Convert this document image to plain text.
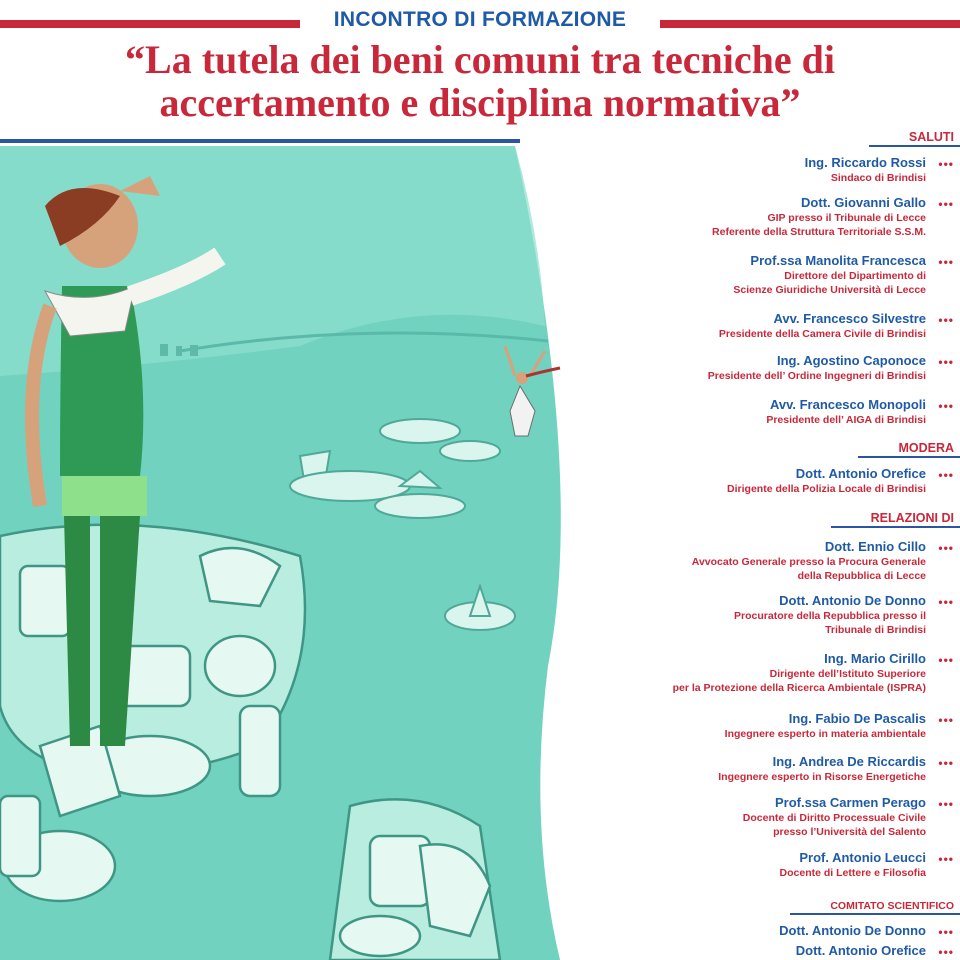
INCONTRO DI FORMAZIONE
“La tutela dei beni comuni tra tecniche di
accertamento e disciplina normativa”
SALUTI
Ing. Riccardo Rossi
Sindaco di Brindisi
•••
Dott. Giovanni Gallo
GIP presso il Tribunale di Lecce
Referente della Struttura Territoriale S.S.M.
•••
Prof.ssa Manolita Francesca
Direttore del Dipartimento di
Scienze Giuridiche Università di Lecce
•••
Avv. Francesco Silvestre
Presidente della Camera Civile di Brindisi
•••
Ing. Agostino Caponoce
Presidente dell’ Ordine Ingegneri di Brindisi
•••
Avv. Francesco Monopoli
Presidente dell’ AIGA di Brindisi
•••
MODERA
Dott. Antonio Orefice
Dirigente della Polizia Locale di Brindisi
•••
RELAZIONI DI
Dott. Ennio Cillo
Avvocato Generale presso la Procura Generale
della Repubblica di Lecce
•••
Dott. Antonio De Donno
Procuratore della Repubblica presso il
Tribunale di Brindisi
•••
Ing. Mario Cirillo
Dirigente dell’Istituto Superiore
per la Protezione della Ricerca Ambientale (ISPRA)
•••
Ing. Fabio De Pascalis
Ingegnere esperto in materia ambientale
•••
Ing. Andrea De Riccardis
Ingegnere esperto in Risorse Energetiche
•••
Prof.ssa Carmen Perago
Docente di Diritto Processuale Civile
presso l’Università del Salento
•••
Prof. Antonio Leucci
Docente di Lettere e Filosofia
•••
COMITATO SCIENTIFICO
Dott. Antonio De Donno •••
Dott. Antonio Orefice •••
